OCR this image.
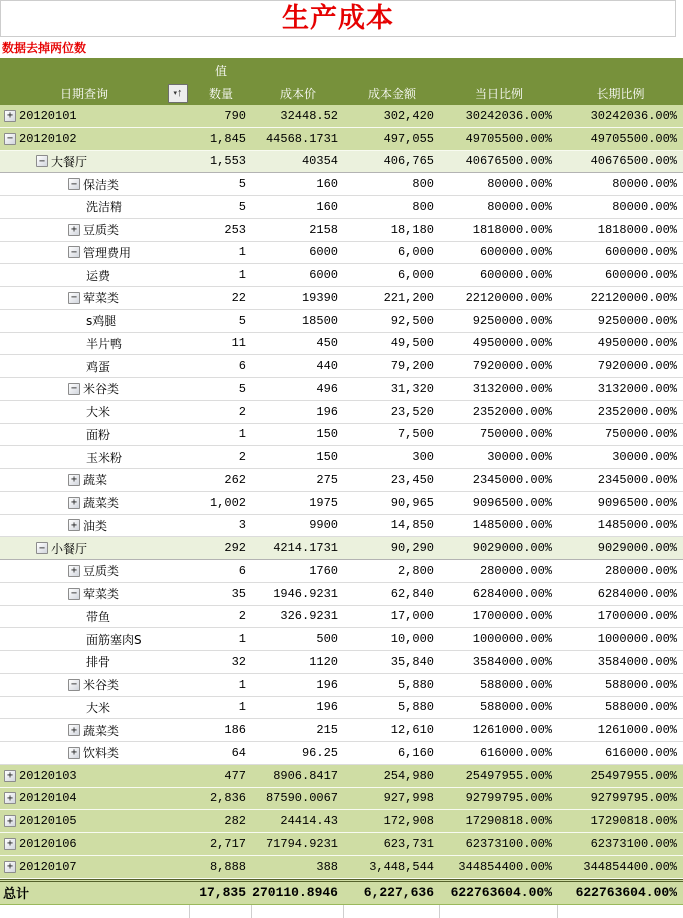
生产成本
数据去掉两位数
值
日期查询	▾ ↑	数量	成本价	成本金额	当日比例	长期比例
+ 20120101	790	32448.52	302,420	30242036.00%	30242036.00%
− 20120102	1,845	44568.1731	497,055	49705500.00%	49705500.00%
− 大餐厅	1,553	40354	406,765	40676500.00%	40676500.00%
− 保洁类	5	160	800	80000.00%	80000.00%
洗洁精	5	160	800	80000.00%	80000.00%
+ 豆质类	253	2158	18,180	1818000.00%	1818000.00%
− 管理费用	1	6000	6,000	600000.00%	600000.00%
运费	1	6000	6,000	600000.00%	600000.00%
− 荤菜类	22	19390	221,200	22120000.00%	22120000.00%
s鸡腿	5	18500	92,500	9250000.00%	9250000.00%
半片鸭	11	450	49,500	4950000.00%	4950000.00%
鸡蛋	6	440	79,200	7920000.00%	7920000.00%
− 米谷类	5	496	31,320	3132000.00%	3132000.00%
大米	2	196	23,520	2352000.00%	2352000.00%
面粉	1	150	7,500	750000.00%	750000.00%
玉米粉	2	150	300	30000.00%	30000.00%
+ 蔬菜	262	275	23,450	2345000.00%	2345000.00%
+ 蔬菜类	1,002	1975	90,965	9096500.00%	9096500.00%
+ 油类	3	9900	14,850	1485000.00%	1485000.00%
− 小餐厅	292	4214.1731	90,290	9029000.00%	9029000.00%
+ 豆质类	6	1760	2,800	280000.00%	280000.00%
− 荤菜类	35	1946.9231	62,840	6284000.00%	6284000.00%
带鱼	2	326.9231	17,000	1700000.00%	1700000.00%
面筋塞肉S	1	500	10,000	1000000.00%	1000000.00%
排骨	32	1120	35,840	3584000.00%	3584000.00%
− 米谷类	1	196	5,880	588000.00%	588000.00%
大米	1	196	5,880	588000.00%	588000.00%
+ 蔬菜类	186	215	12,610	1261000.00%	1261000.00%
+ 饮料类	64	96.25	6,160	616000.00%	616000.00%
+ 20120103	477	8906.8417	254,980	25497955.00%	25497955.00%
+ 20120104	2,836	87590.0067	927,998	92799795.00%	92799795.00%
+ 20120105	282	24414.43	172,908	17290818.00%	17290818.00%
+ 20120106	2,717	71794.9231	623,731	62373100.00%	62373100.00%
+ 20120107	8,888	388	3,448,544	344854400.00%	344854400.00%
总计	17,835 270110.8946	6,227,636	622763604.00%	622763604.00%
